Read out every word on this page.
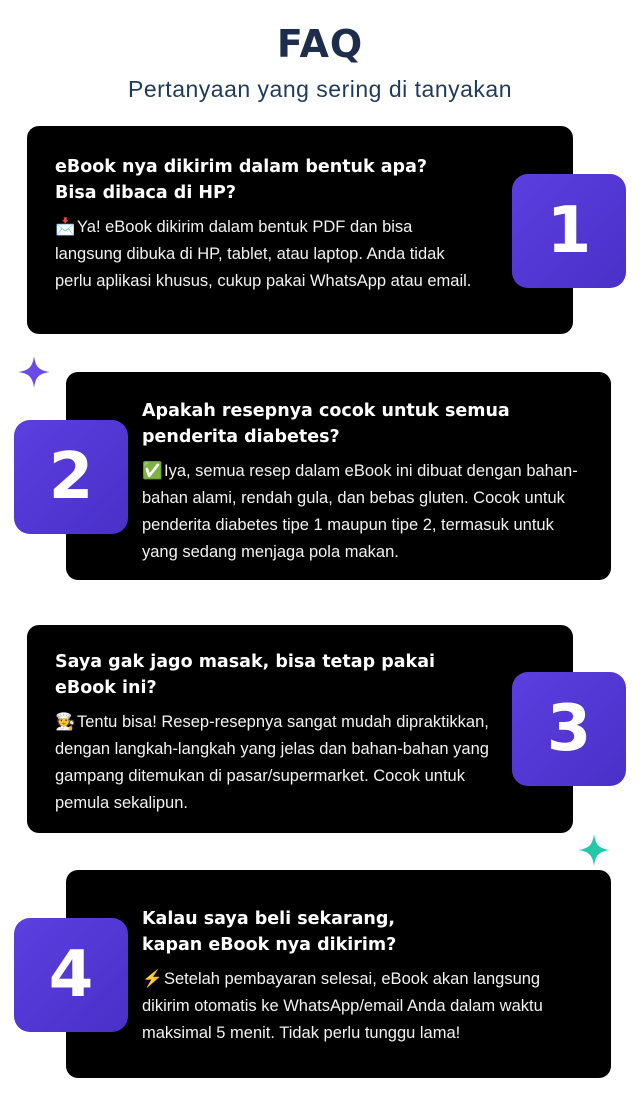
FAQ
Pertanyaan yang sering di tanyakan

eBook nya dikirim dalam bentuk apa?
Bisa dibaca di HP?

📩Ya! eBook dikirim dalam bentuk PDF dan bisa langsung dibuka di HP, tablet, atau laptop. Anda tidak perlu aplikasi khusus, cukup pakai WhatsApp atau email.

1

Apakah resepnya cocok untuk semua
penderita diabetes?

✅Iya, semua resep dalam eBook ini dibuat dengan bahan-bahan alami, rendah gula, dan bebas gluten. Cocok untuk penderita diabetes tipe 1 maupun tipe 2, termasuk untuk yang sedang menjaga pola makan.

2

Saya gak jago masak, bisa tetap pakai
eBook ini?

🧑‍🍳Tentu bisa! Resep-resepnya sangat mudah dipraktikkan, dengan langkah-langkah yang jelas dan bahan-bahan yang gampang ditemukan di pasar/supermarket. Cocok untuk pemula sekalipun.

3

Kalau saya beli sekarang,
kapan eBook nya dikirim?

⚡Setelah pembayaran selesai, eBook akan langsung dikirim otomatis ke WhatsApp/email Anda dalam waktu maksimal 5 menit. Tidak perlu tunggu lama!

4
